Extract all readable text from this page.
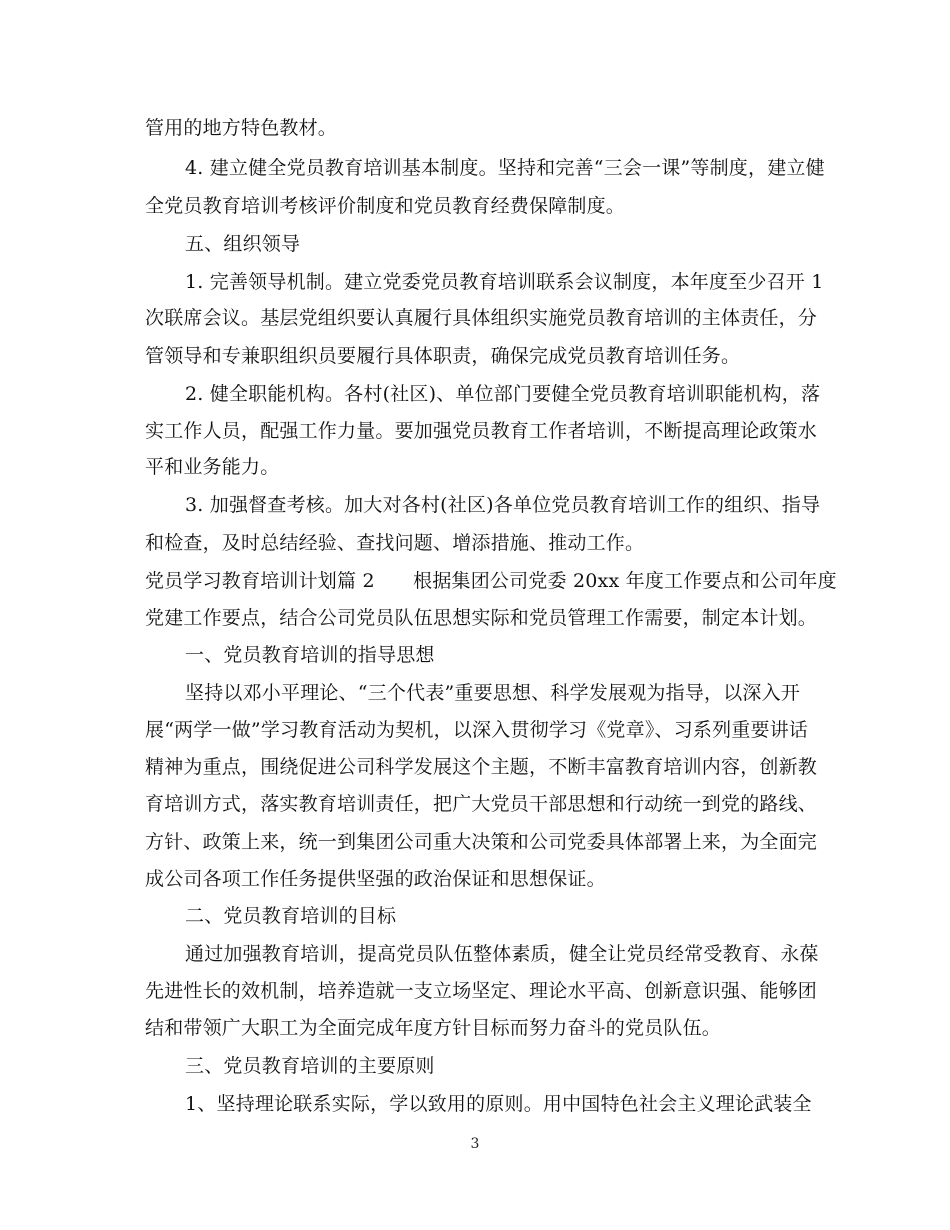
管用的地方特色教材。
4. 建立健全党员教育培训基本制度。坚持和完善“三会一课”等制度，建立健
全党员教育培训考核评价制度和党员教育经费保障制度。
五、组织领导
1. 完善领导机制。建立党委党员教育培训联系会议制度，本年度至少召开 1
次联席会议。基层党组织要认真履行具体组织实施党员教育培训的主体责任，分
管领导和专兼职组织员要履行具体职责，确保完成党员教育培训任务。
2. 健全职能机构。各村(社区)、单位部门要健全党员教育培训职能机构，落
实工作人员，配强工作力量。要加强党员教育工作者培训，不断提高理论政策水
平和业务能力。
3. 加强督查考核。加大对各村(社区)各单位党员教育培训工作的组织、指导
和检查，及时总结经验、查找问题、增添措施、推动工作。
党员学习教育培训计划篇 2　　根据集团公司党委 20xx 年度工作要点和公司年度
党建工作要点，结合公司党员队伍思想实际和党员管理工作需要，制定本计划。
一、党员教育培训的指导思想
坚持以邓小平理论、“三个代表”重要思想、科学发展观为指导，以深入开
展“两学一做”学习教育活动为契机，以深入贯彻学习《党章》、习系列重要讲话
精神为重点，围绕促进公司科学发展这个主题，不断丰富教育培训内容，创新教
育培训方式，落实教育培训责任，把广大党员干部思想和行动统一到党的路线、
方针、政策上来，统一到集团公司重大决策和公司党委具体部署上来，为全面完
成公司各项工作任务提供坚强的政治保证和思想保证。
二、党员教育培训的目标
通过加强教育培训，提高党员队伍整体素质，健全让党员经常受教育、永葆
先进性长的效机制，培养造就一支立场坚定、理论水平高、创新意识强、能够团
结和带领广大职工为全面完成年度方针目标而努力奋斗的党员队伍。
三、党员教育培训的主要原则
1、坚持理论联系实际，学以致用的原则。用中国特色社会主义理论武装全
3
